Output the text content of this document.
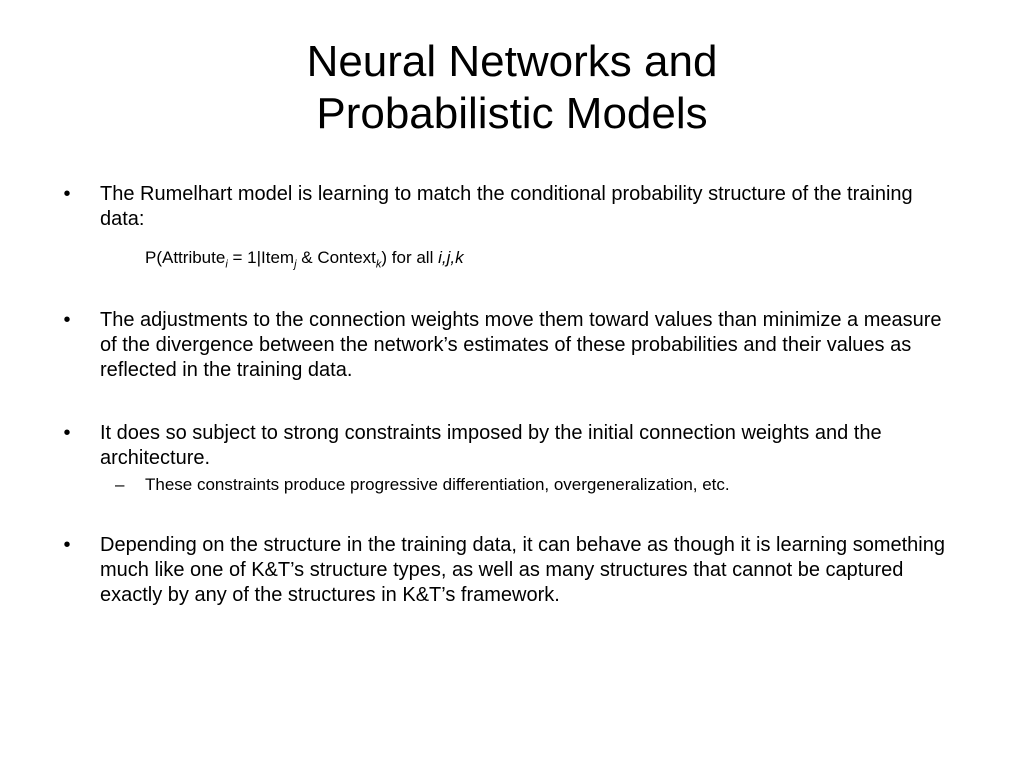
Neural Networks and
Probabilistic Models
• The Rumelhart model is learning to match the conditional probability structure of the training data:
P(Attribute$_i$ = 1|Item$_j$ & Context$_k$) for all i,j,k
• The adjustments to the connection weights move them toward values than minimize a measure of the divergence between the network’s estimates of these probabilities and their values as reflected in the training data.
• It does so subject to strong constraints imposed by the initial connection weights and the architecture.
– These constraints produce progressive differentiation, overgeneralization, etc.
• Depending on the structure in the training data, it can behave as though it is learning something much like one of K&T’s structure types, as well as many structures that cannot be captured exactly by any of the structures in K&T’s framework.
